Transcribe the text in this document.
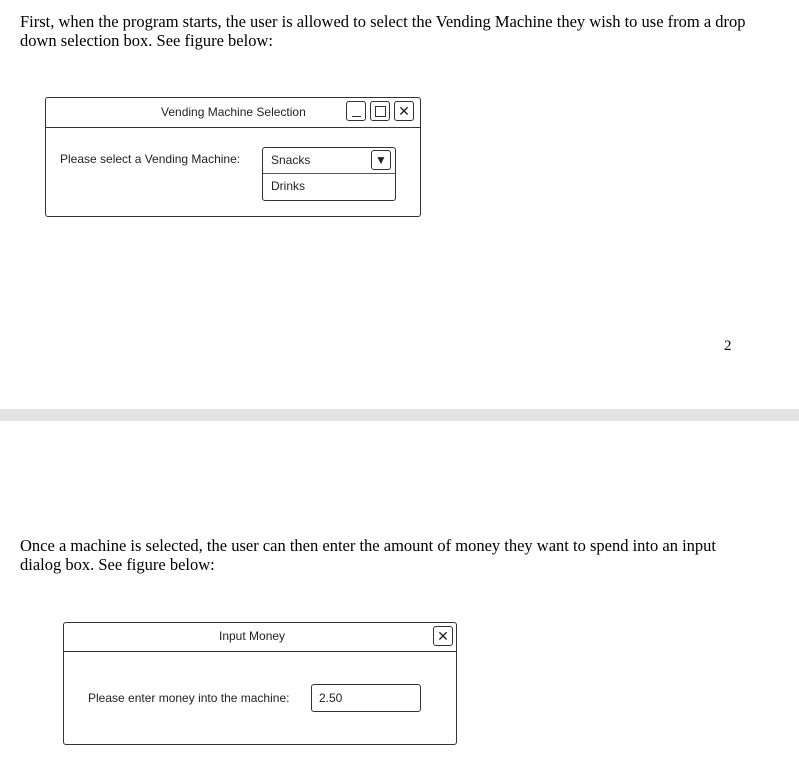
First, when the program starts, the user is allowed to select the Vending Machine they wish to use from a drop down selection box. See figure below:
Vending Machine Selection	✕
Please select a Vending Machine:	Snacks	▼
Drinks
2
Once a machine is selected, the user can then enter the amount of money they want to spend into an input dialog box. See figure below:
Input Money	✕
Please enter money into the machine: 2.50
